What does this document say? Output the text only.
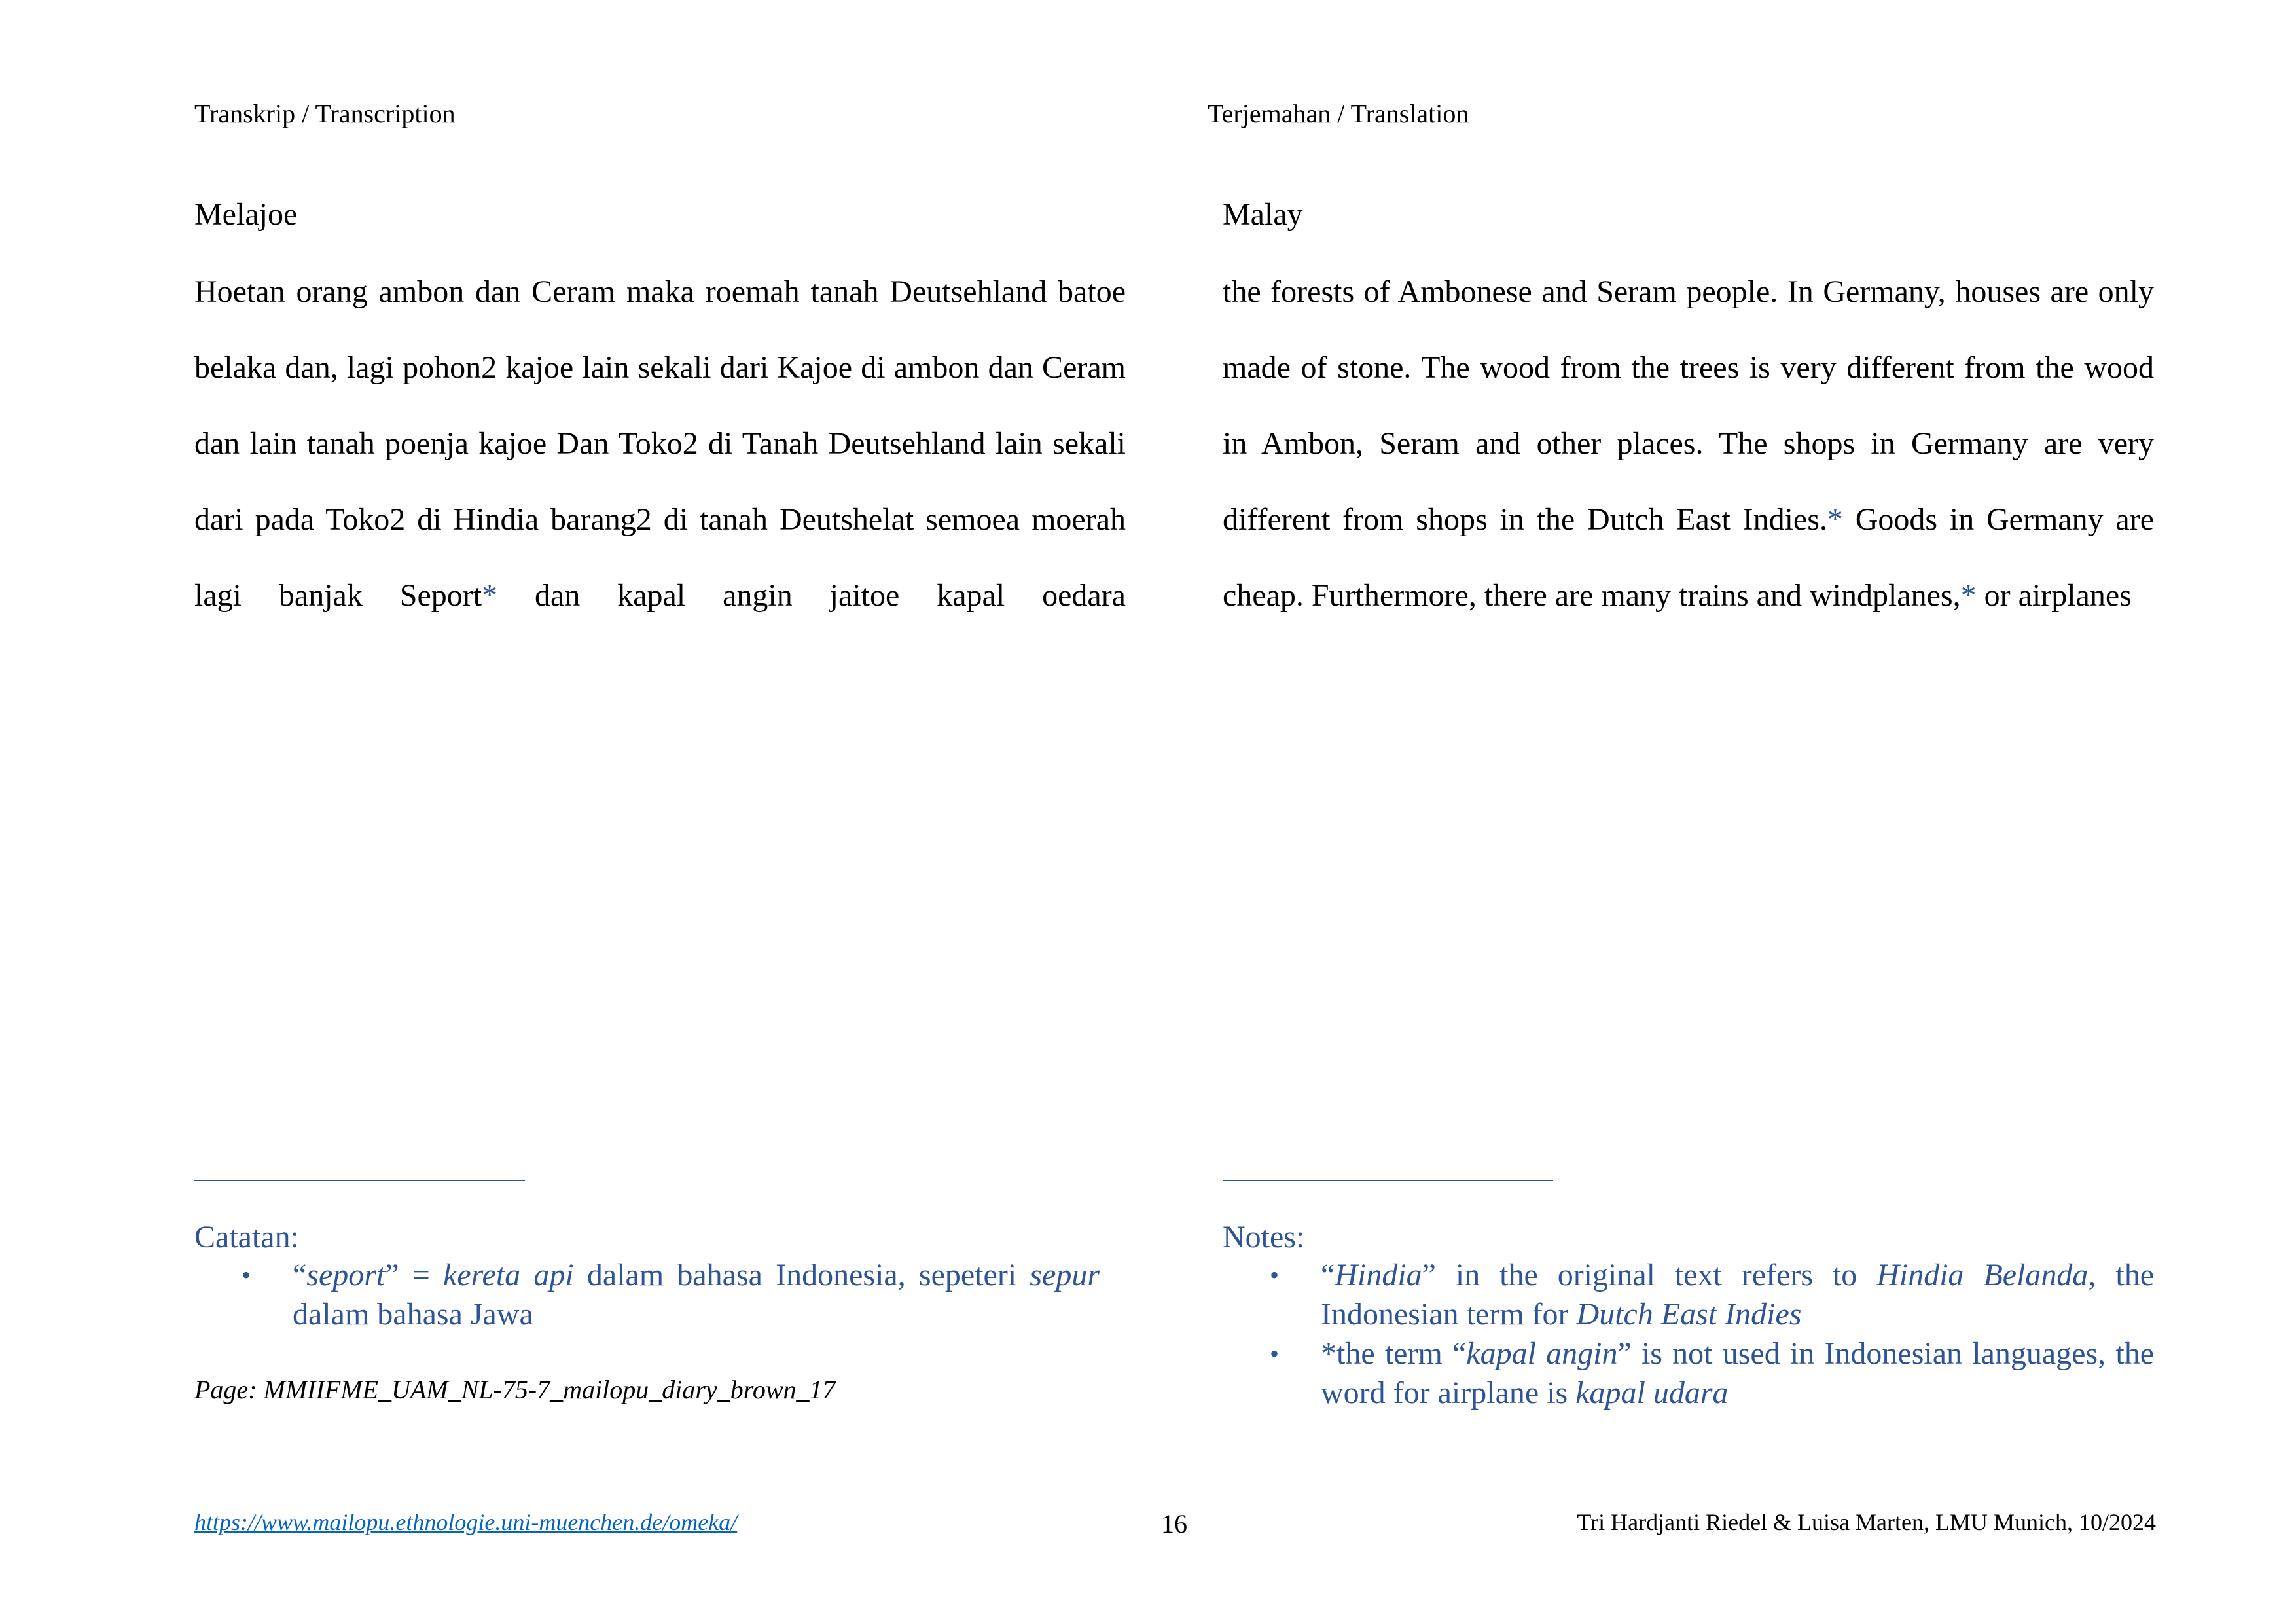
Transkrip / Transcription
Melajoe

Hoetan orang ambon dan Ceram maka roemah tanah Deutsehland batoe belaka dan, lagi pohon2 kajoe lain sekali dari Kajoe di ambon dan Ceram dan lain tanah poenja kajoe Dan Toko2 di Tanah Deutsehland lain sekali dari pada Toko2 di Hindia barang2 di tanah Deutshelat semoea moerah lagi banjak Seport* dan kapal angin jaitoe kapal oedara

Catatan:
• “seport” = kereta api dalam bahasa Indonesia, sepeteri sepur dalam bahasa Jawa
Page: MMIIFME_UAM_NL-75-7_mailopu_diary_brown_17
Terjemahan / Translation
Malay

the forests of Ambonese and Seram people. In Germany, houses are only made of stone. The wood from the trees is very different from the wood in Ambon, Seram and other places. The shops in Germany are very different from shops in the Dutch East Indies.* Goods in Germany are cheap. Furthermore, there are many trains and windplanes,* or airplanes

Notes:
• “Hindia” in the original text refers to Hindia Belanda, the Indonesian term for Dutch East Indies
• *the term “kapal angin” is not used in Indonesian languages, the word for airplane is kapal udara
https://www.mailopu.ethnologie.uni-muenchen.de/omeka/	16	Tri Hardjanti Riedel & Luisa Marten, LMU Munich, 10/2024
